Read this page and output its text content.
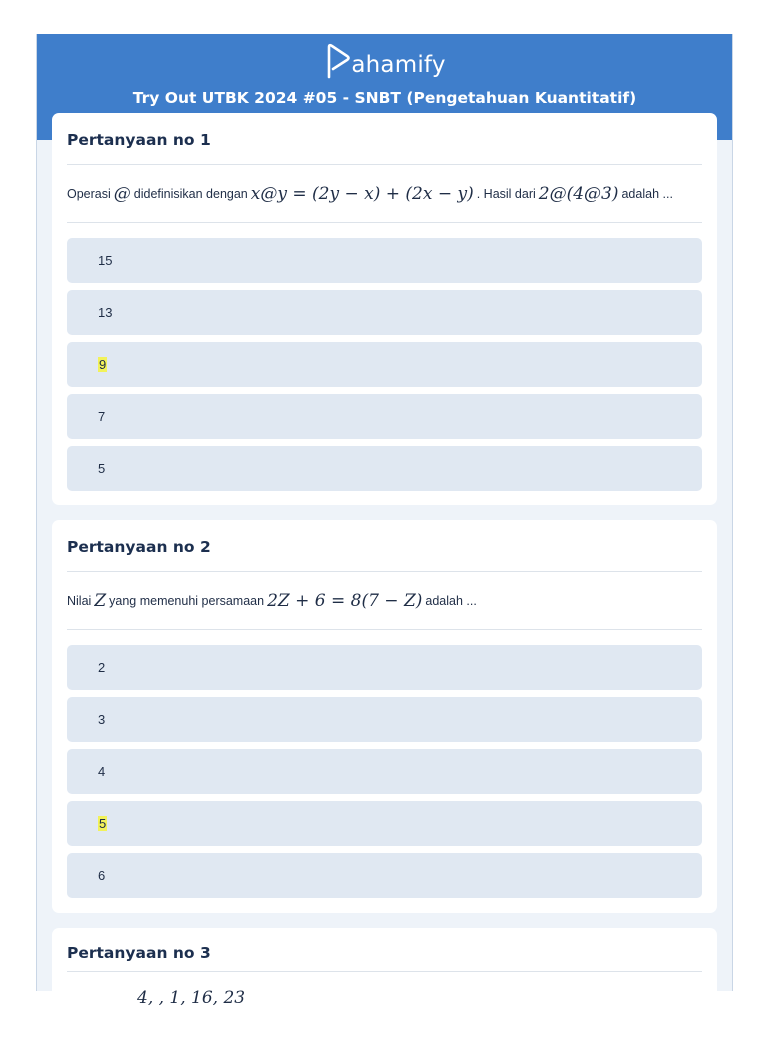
ahamify
Try Out UTBK 2024 #05 - SNBT (Pengetahuan Kuantitatif)
Pertanyaan no 1
Operasi @ didefinisikan dengan x@y = (2y − x) + (2x − y) . Hasil dari 2@(4@3) adalah ...
15
13
9
7
5
Pertanyaan no 2
Nilai Z yang memenuhi persamaan 2Z + 6 = 8(7 − Z) adalah ...
2
3
4
5
6
Pertanyaan no 3
4, , 1, 16, 23
